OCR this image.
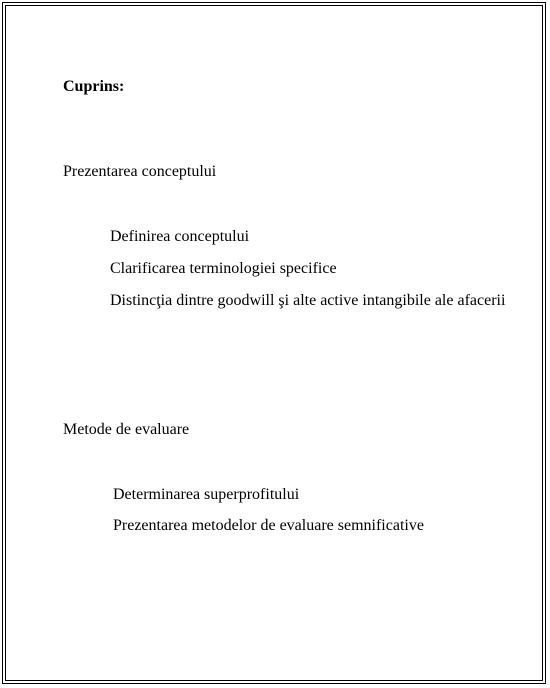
Cuprins:
Prezentarea conceptului
Definirea conceptului
Clarificarea terminologiei specifice
Distincţia dintre goodwill şi alte active intangibile ale afacerii
Metode de evaluare
Determinarea superprofitului
Prezentarea metodelor de evaluare semnificative
